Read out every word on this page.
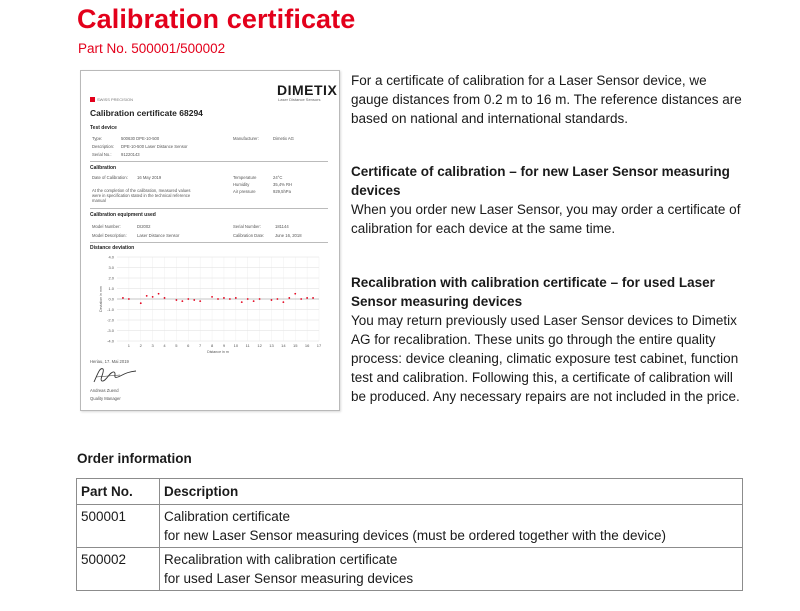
Calibration certificate
Part No. 500001/500002
DIMETIX
Laser Distance Sensors
SWISS PRECISION
Calibration certificate 68294
Test device
Type:	500630 DPE-10-500
Description: DPE-10-500 Laser Distance Sensor
Serial No.: 91220143
Manufacturer:	Dimetix AG
Calibration
Date of Calibration: 16 May 2019
At the completion of the calibration, measured values
were in specification stated in the technical reference
manual
Temperature	24°C
Humidity	35,4% RH
Air pressure	929,5hPa
Calibration equipment used
Model Number:	DI2002
Model Description: Laser Distance Sensor
Serial Number:	181144
Calibration Date:	June 16, 2018
Distance deviation
4.0
3.0
2.0
1.0
0.0
-1.0
-2.0
-3.0
-4.0
1 2 3 4 5 6 7 8 9 10 11 12 13 14 15 16 17
Distance in m
Deviation in mm
Heriau, 17. Mai 2019
Andreas Zuend
Quality Manager

For a certificate of calibration for a Laser Sensor device, we gauge distances from 0.2 m to 16 m. The reference distances are based on national and international standards.

Certificate of calibration – for new Laser Sensor measuring devices

When you order new Laser Sensor, you may order a certificate of calibration for each device at the same time.

Recalibration with calibration certificate – for used Laser Sensor measuring devices

You may return previously used Laser Sensor devices to Dimetix AG for recalibration. These units go through the entire quality process: device cleaning, climatic exposure test cabinet, function test and calibration. Following this, a certificate of calibration will be produced. Any necessary repairs are not included in the price.

Order information
Part No.	Description
500001	Calibration certificate
for new Laser Sensor measuring devices (must be ordered together with the device)

500002	Recalibration with calibration certificate
for used Laser Sensor measuring devices
